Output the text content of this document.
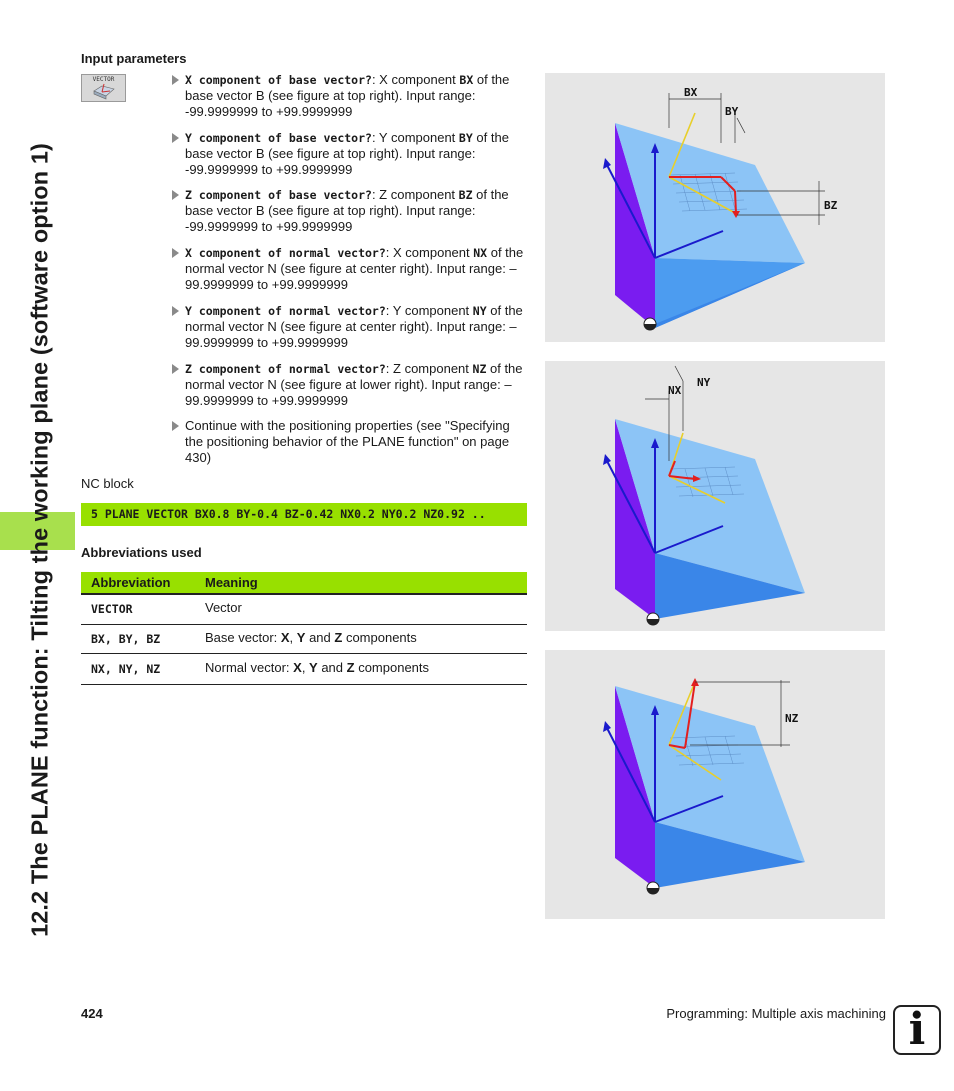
12.2 The PLANE function: Tilting the working plane (software option 1)
Input parameters
VECTOR	X component of base vector?: X component BX of the base vector B (see figure at top right). Input range: -99.9999999 to +99.9999999
Y component of base vector?: Y component BY of the base vector B (see figure at top right). Input range: -99.9999999 to +99.9999999
Z component of base vector?: Z component BZ of the base vector B (see figure at top right). Input range: -99.9999999 to +99.9999999
X component of normal vector?: X component NX of the normal vector N (see figure at center right). Input range: –99.9999999 to +99.9999999
Y component of normal vector?: Y component NY of the normal vector N (see figure at center right). Input range: –99.9999999 to +99.9999999
Z component of normal vector?: Z component NZ of the normal vector N (see figure at lower right). Input range: –99.9999999 to +99.9999999
Continue with the positioning properties (see "Specifying the positioning behavior of the PLANE function" on page 430)
NC block
5 PLANE VECTOR BX0.8 BY-0.4 BZ-0.42 NX0.2 NY0.2 NZ0.92 ..
Abbreviations used
Abbreviation	Meaning
VECTOR	Vector
BX, BY, BZ	Base vector: X, Y and Z components
NX, NY, NZ	Normal vector: X, Y and Z components
BX
BY
BZ
NX
NY
NZ
424	Programming: Multiple axis machining i
